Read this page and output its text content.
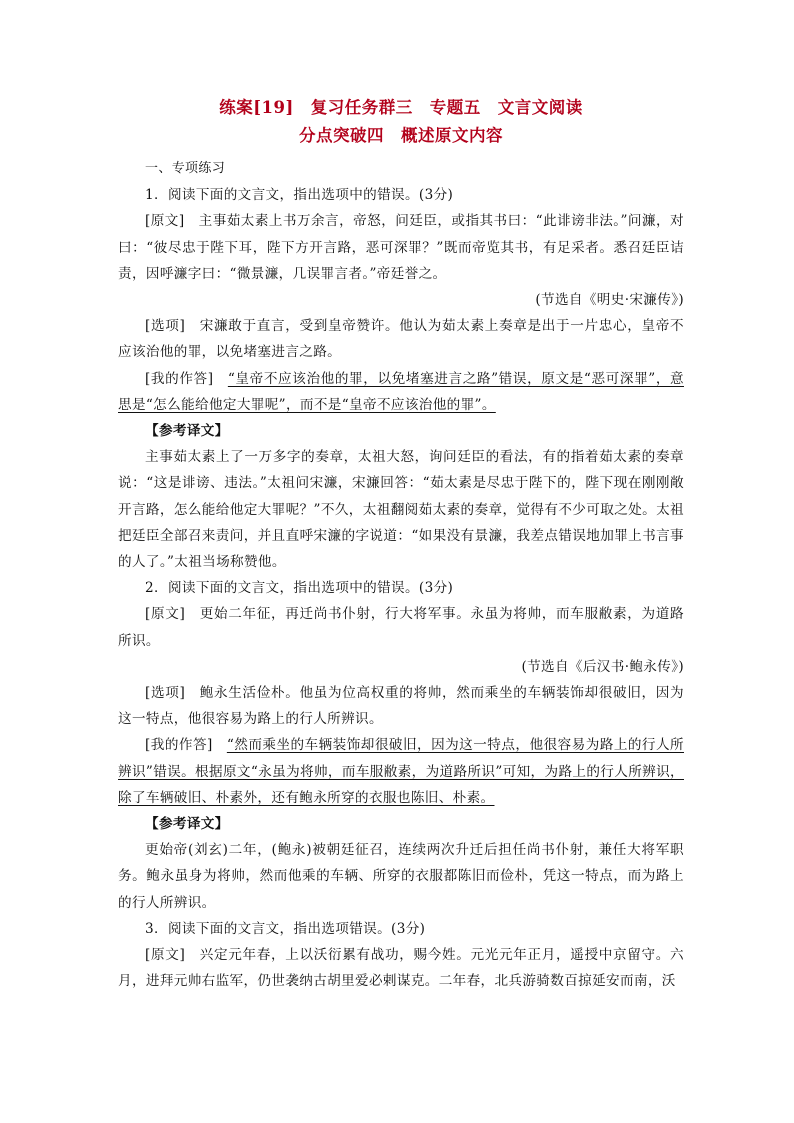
练案[19]　复习任务群三　专题五　文言文阅读
分点突破四　概述原文内容

一、专项练习

1．阅读下面的文言文，指出选项中的错误。(3分)

[原文]　 主事茹太素上书万余言，帝怒，问廷臣，或指其书曰：“此诽谤非法。”问濂，对曰：“彼尽忠于陛下耳，陛下方开言路，恶可深罪？”既而帝览其书，有足采者。悉召廷臣诘责，因呼濂字曰：“微景濂，几误罪言者。”帝廷誉之。

(节选自《明史·宋濂传》)

[选项]　 宋濂敢于直言，受到皇帝赞许。他认为茹太素上奏章是出于一片忠心，皇帝不应该治他的罪，以免堵塞进言之路。

[我的作答]　 “皇帝不应该治他的罪，以免堵塞进言之路”错误，原文是“恶可深罪”，意思是“怎么能给他定大罪呢”，而不是“皇帝不应该治他的罪”。

【参考译文】

主事茹太素上了一万多字的奏章，太祖大怒，询问廷臣的看法，有的指着茹太素的奏章说：“这是诽谤、违法。”太祖问宋濂，宋濂回答：“茹太素是尽忠于陛下的，陛下现在刚刚敞开言路，怎么能给他定大罪呢？”不久，太祖翻阅茹太素的奏章，觉得有不少可取之处。太祖把廷臣全部召来责问，并且直呼宋濂的字说道：“如果没有景濂，我差点错误地加罪上书言事的人了。”太祖当场称赞他。

2．阅读下面的文言文，指出选项中的错误。(3分)

[原文]　 更始二年征，再迁尚书仆射，行大将军事。永虽为将帅，而车服敝素，为道路所识。

(节选自《后汉书·鲍永传》)

[选项]　 鲍永生活俭朴。他虽为位高权重的将帅，然而乘坐的车辆装饰却很破旧，因为这一特点，他很容易为路上的行人所辨识。

[我的作答]　 “然而乘坐的车辆装饰却很破旧，因为这一特点，他很容易为路上的行人所辨识”错误。根据原文“永虽为将帅，而车服敝素，为道路所识”可知，为路上的行人所辨识，除了车辆破旧、朴素外，还有鲍永所穿的衣服也陈旧、朴素。

【参考译文】

更始帝(刘玄)二年，(鲍永)被朝廷征召，连续两次升迁后担任尚书仆射，兼任大将军职务。鲍永虽身为将帅，然而他乘的车辆、所穿的衣服都陈旧而俭朴，凭这一特点，而为路上的行人所辨识。

3．阅读下面的文言文，指出选项错误。(3分)

[原文]　 兴定元年春，上以沃衍累有战功，赐今姓。元光元年正月，遥授中京留守。六月，进拜元帅右监军，仍世袭纳古胡里爱必剌谋克。二年春，北兵游骑数百掠延安而南，沃
